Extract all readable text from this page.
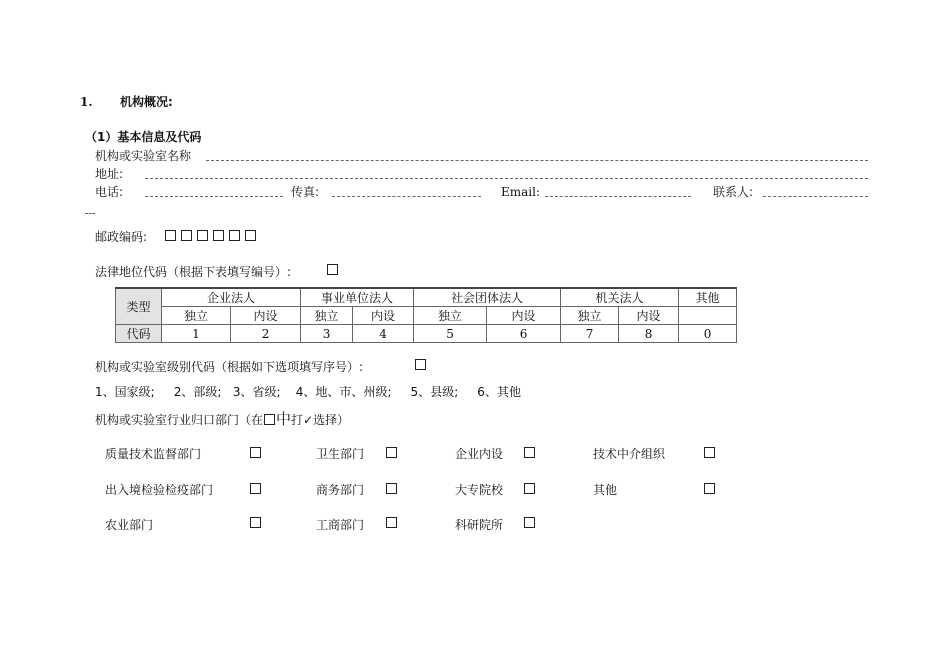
1. 机构概况:
（1）基本信息及代码
机构或实验室名称
地址:
电话:	传真:	Email:	联系人:
邮政编码:
法律地位代码（根据下表填写编号）:
类型	企业法人		事业单位法人		社会团体法人		机关法人		其他
	独立	内设	独立	内设	独立	内设	独立	内设	
代码	1	2	3	4	5	6	7	8	0
机构或实验室级别代码（根据如下选项填写序号）:
1、国家级;     2、部级;   3、省级;    4、地、市、州级;     5、县级;     6、其他
机构或实验室行业归口部门（在 中打✓选择）
质量技术监督部门	卫生部门	企业内设	技术中介组织
出入境检验检疫部门	商务部门	大专院校	其他
农业部门	工商部门	科研院所
